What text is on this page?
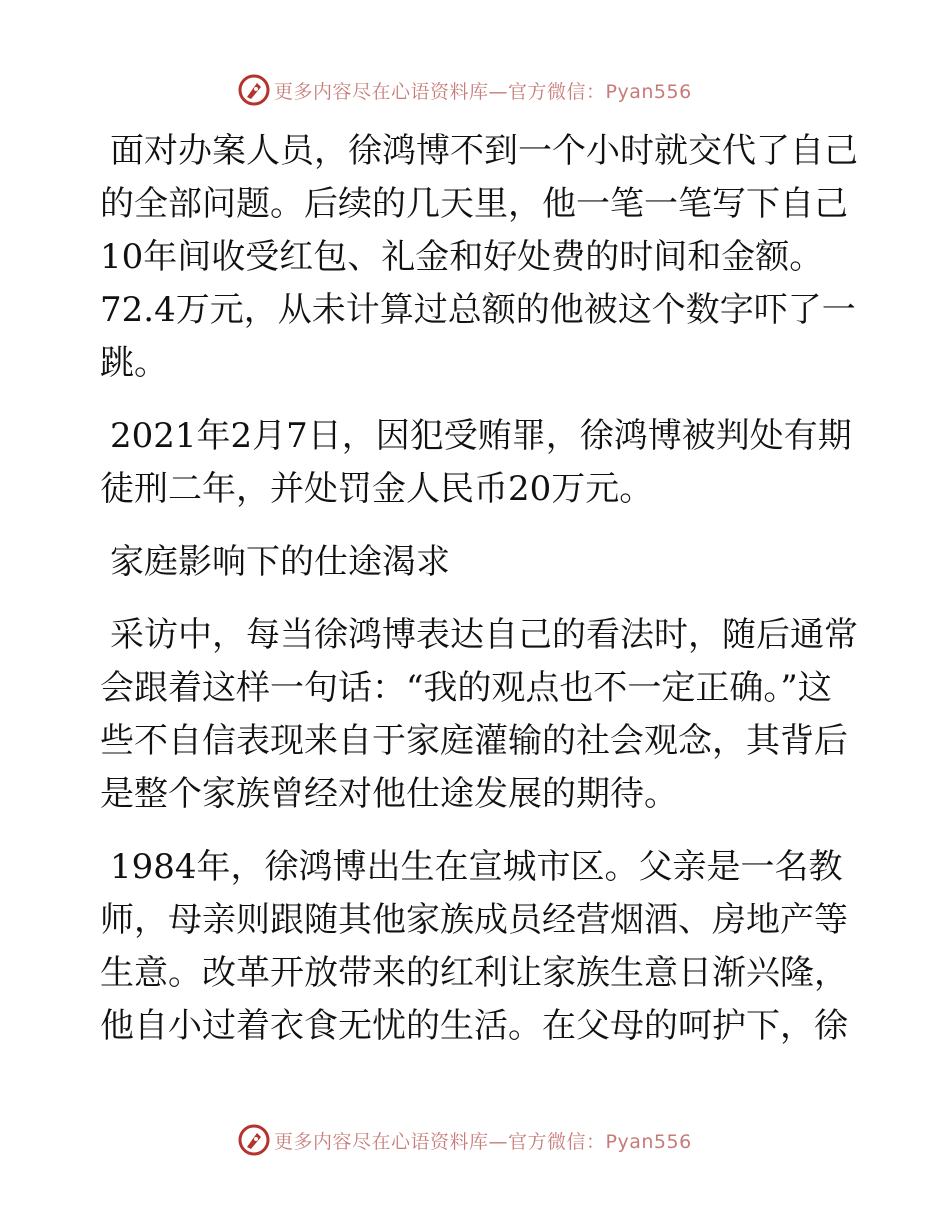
更多内容尽在心语资料库—官方微信：Pyan556

面对办案人员，徐鸿博不到一个小时就交代了自己的全部问题。后续的几天里，他一笔一笔写下自己10年间收受红包、礼金和好处费的时间和金额。72.4万元，从未计算过总额的他被这个数字吓了一跳。

2021年2月7日，因犯受贿罪，徐鸿博被判处有期徒刑二年，并处罚金人民币20万元。

家庭影响下的仕途渴求

采访中，每当徐鸿博表达自己的看法时，随后通常会跟着这样一句话：“我的观点也不一定正确。”这些不自信表现来自于家庭灌输的社会观念，其背后是整个家族曾经对他仕途发展的期待。

1984年，徐鸿博出生在宣城市区。父亲是一名教师，母亲则跟随其他家族成员经营烟酒、房地产等生意。改革开放带来的红利让家族生意日渐兴隆，他自小过着衣食无忧的生活。在父母的呵护下，徐

更多内容尽在心语资料库—官方微信：Pyan556
